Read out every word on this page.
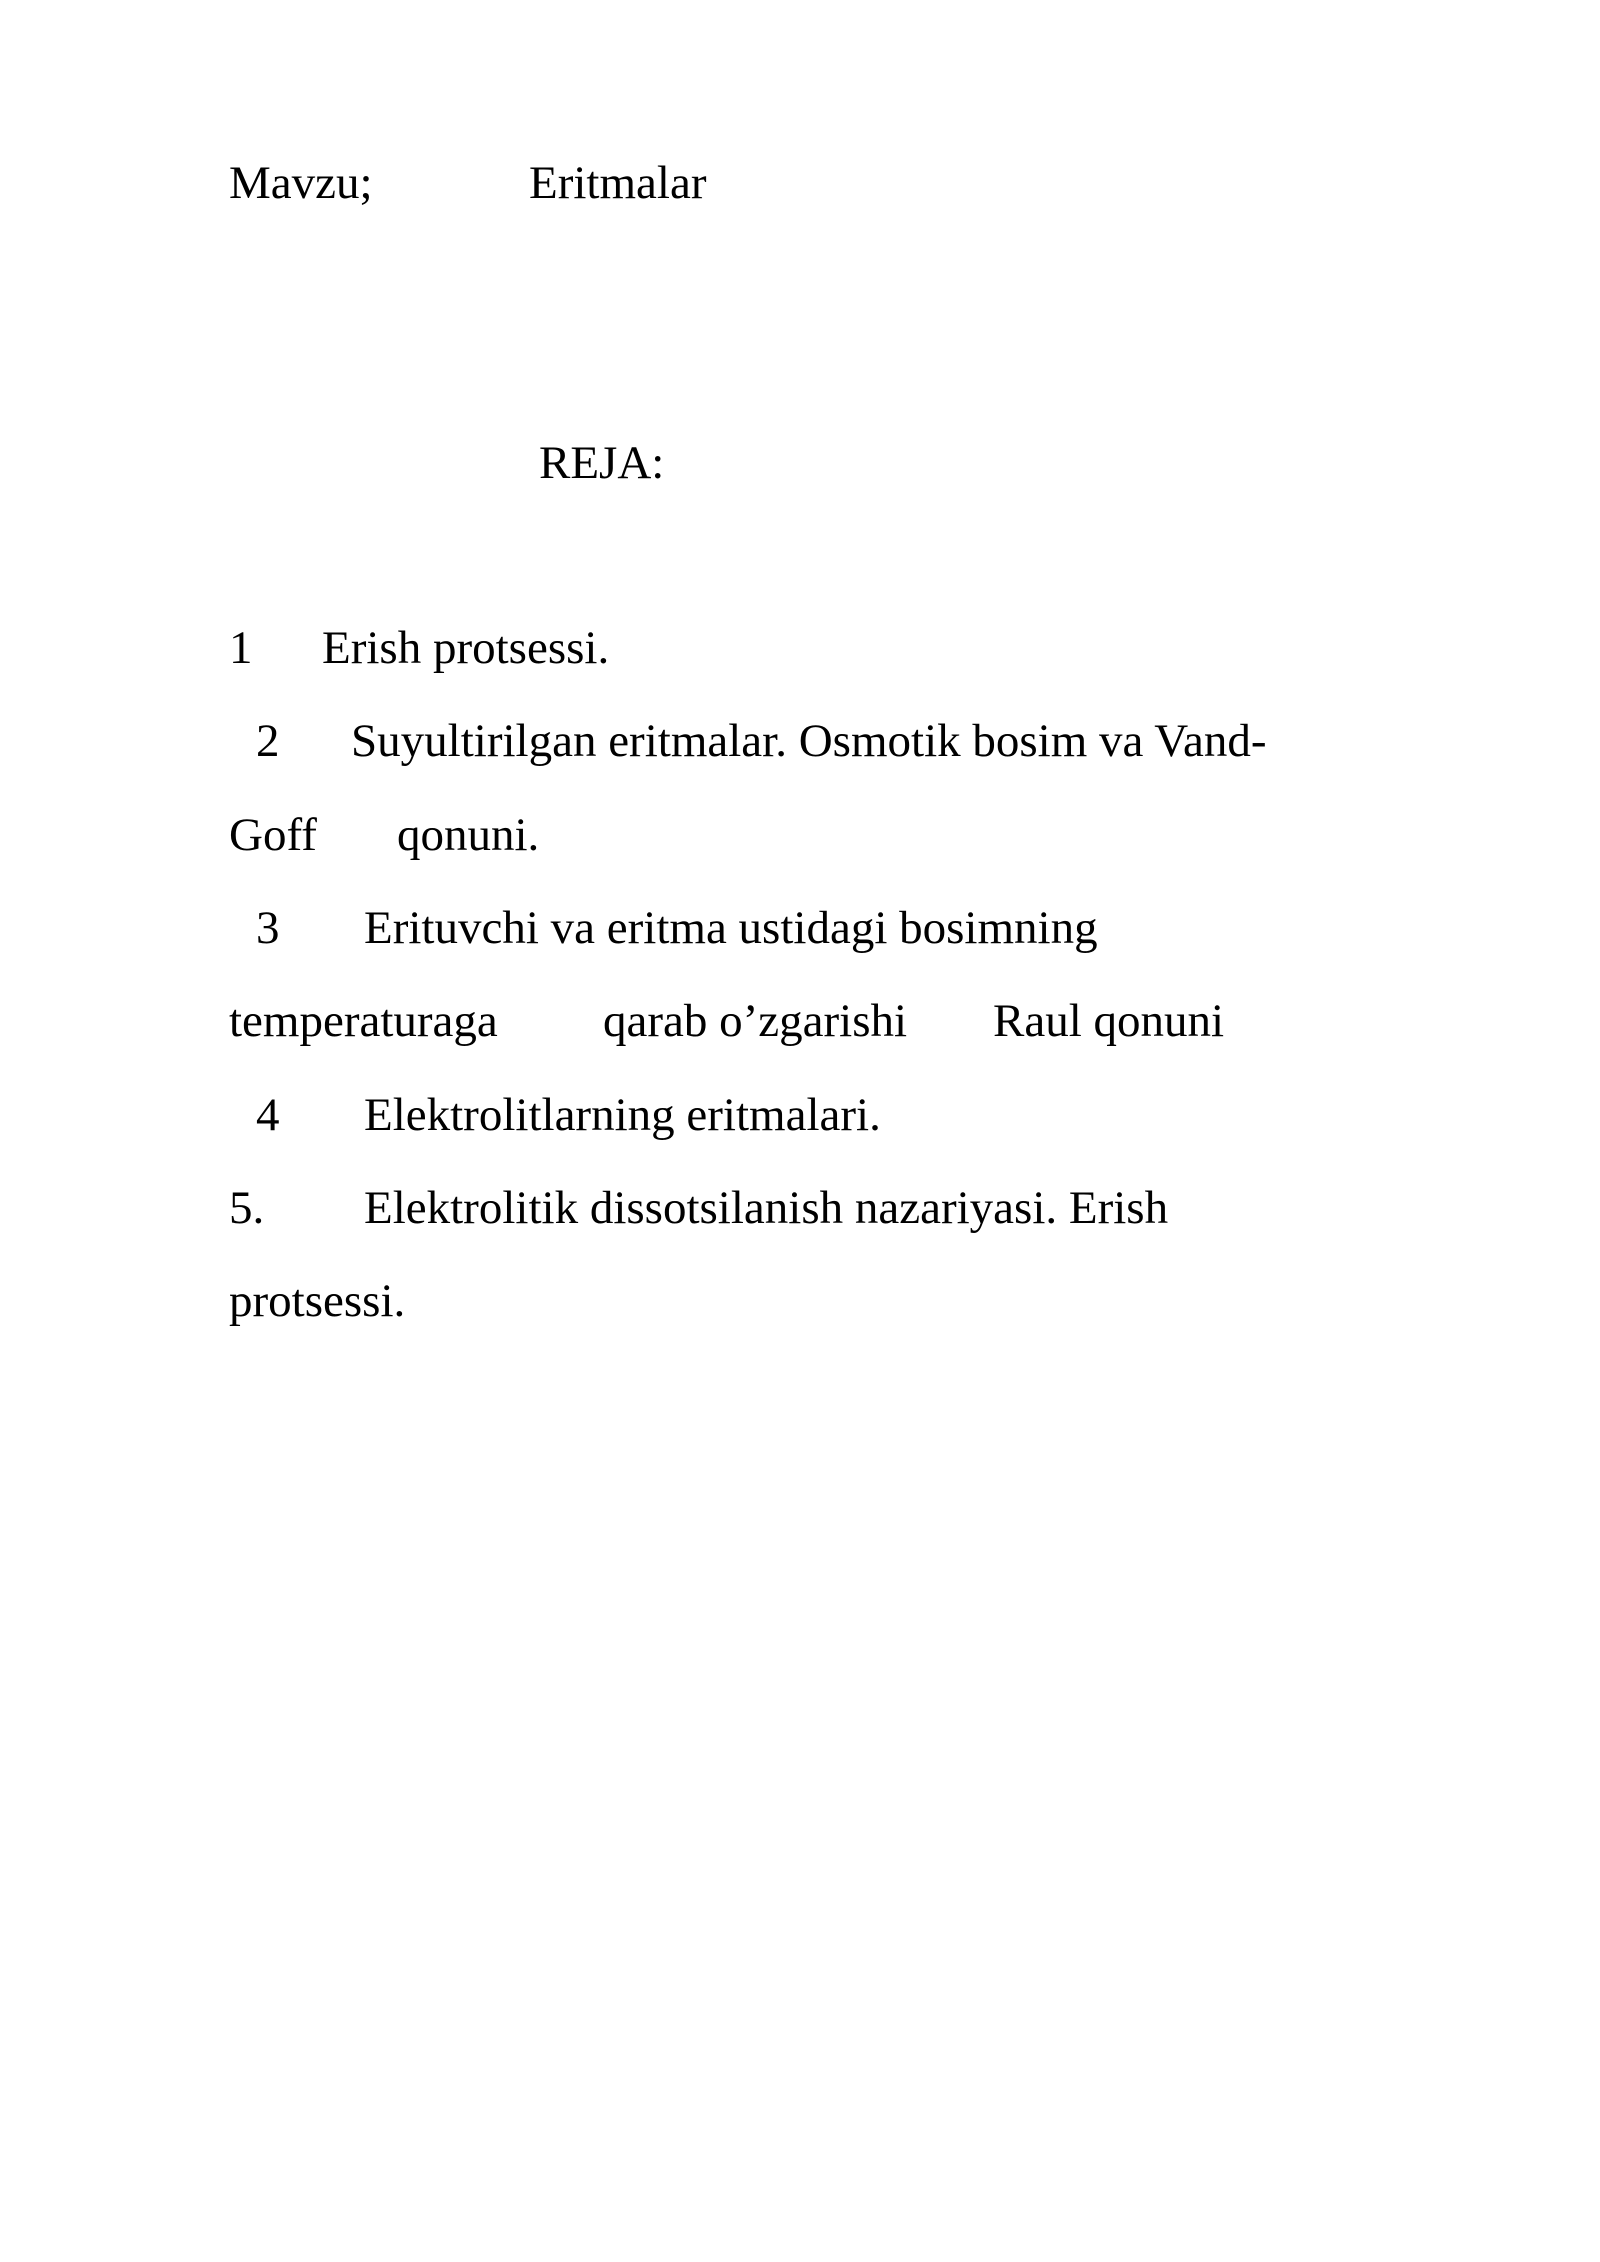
Mavzu;	Eritmalar
REJA:
1 Erish protsessi.
2 Suyultirilgan eritmalar. Osmotik bosim va Vand-
Goff qonuni.
3 Erituvchi va eritma ustidagi bosimning
temperaturaga qarab o’zgarishi Raul qonuni
4 Elektrolitlarning eritmalari.
5. Elektrolitik dissotsilanish nazariyasi. Erish
protsessi.
